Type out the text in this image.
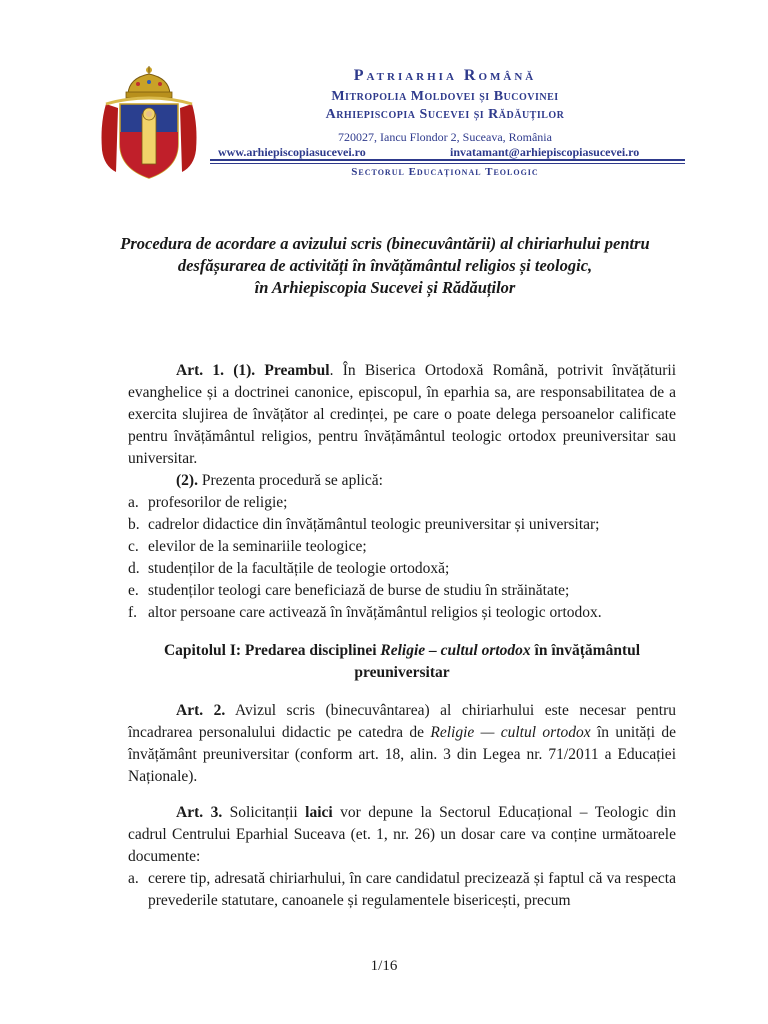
Patriarhia Română
Mitropolia Moldovei și Bucovinei
Arhiepiscopia Sucevei și Rădăuților
720027, Iancu Flondor 2, Suceava, România
www.arhiepiscopiasucevei.ro	invatamant@arhiepiscopiasucevei.ro
Sectorul Educațional Teologic
Procedura de acordare a avizului scris (binecuvântării) al chiriarhului pentru
desfășurarea de activități în învățământul religios și teologic,
în Arhiepiscopia Sucevei și Rădăuților
Art. 1. (1). Preambul. În Biserica Ortodoxă Română, potrivit învățăturii evanghelice și a doctrinei canonice, episcopul, în eparhia sa, are responsabilitatea de a exercita slujirea de învățător al credinței, pe care o poate delega persoanelor calificate pentru învățământul religios, pentru învățământul teologic ortodox preuniversitar sau universitar.
(2). Prezenta procedură se aplică:
a. profesorilor de religie;
b. cadrelor didactice din învățământul teologic preuniversitar și universitar;
c. elevilor de la seminariile teologice;
d. studenților de la facultățile de teologie ortodoxă;
e. studenților teologi care beneficiază de burse de studiu în străinătate;
f. altor persoane care activează în învățământul religios și teologic ortodox.
Capitolul I: Predarea disciplinei Religie – cultul ortodox în învățământul
preuniversitar
Art. 2. Avizul scris (binecuvântarea) al chiriarhului este necesar pentru încadrarea personalului didactic pe catedra de Religie — cultul ortodox în unități de învățământ preuniversitar (conform art. 18, alin. 3 din Legea nr. 71/2011 a Educației Naționale).
Art. 3. Solicitanții laici vor depune la Sectorul Educațional – Teologic din cadrul Centrului Eparhial Suceava (et. 1, nr. 26) un dosar care va conține următoarele documente:
a. cerere tip, adresată chiriarhului, în care candidatul precizează și faptul că va respecta prevederile statutare, canoanele și regulamentele bisericești, precum
1/16
